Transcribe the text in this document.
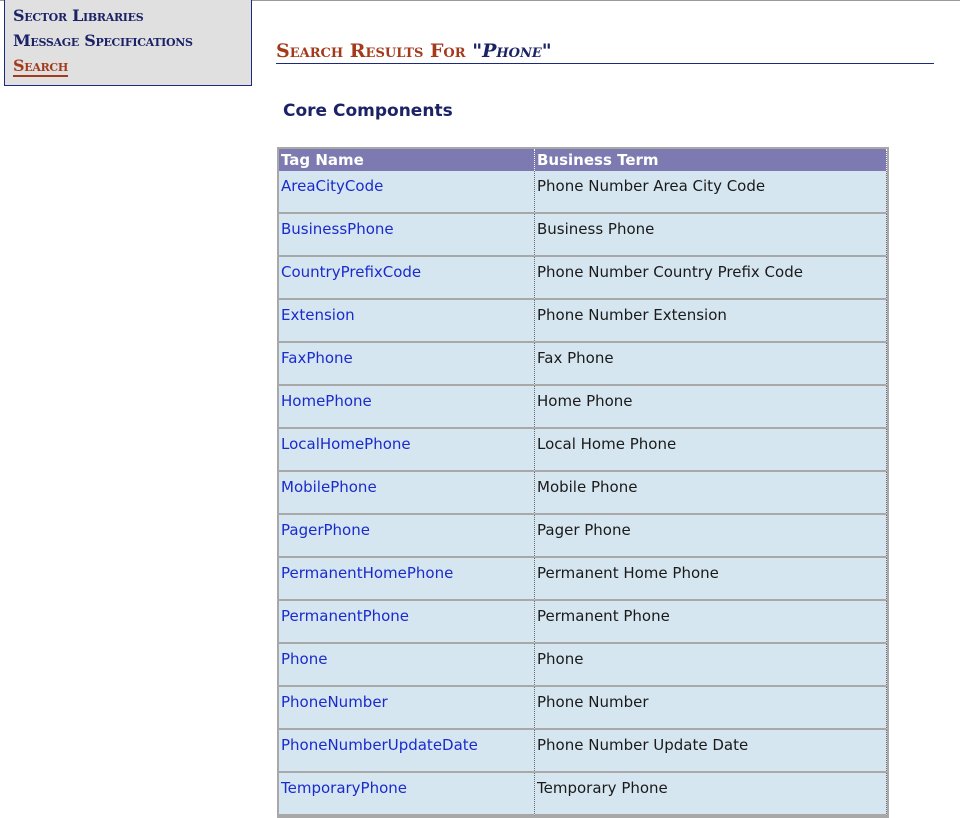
Sector Libraries
Message Specifications
Search
Search Results For "Phone"
Core Components
Tag Name	Business Term
AreaCityCode	Phone Number Area City Code
BusinessPhone	Business Phone
CountryPrefixCode	Phone Number Country Prefix Code
Extension	Phone Number Extension
FaxPhone	Fax Phone
HomePhone	Home Phone
LocalHomePhone	Local Home Phone
MobilePhone	Mobile Phone
PagerPhone	Pager Phone
PermanentHomePhone	Permanent Home Phone
PermanentPhone	Permanent Phone
Phone	Phone
PhoneNumber	Phone Number
PhoneNumberUpdateDate	Phone Number Update Date
TemporaryPhone	Temporary Phone
